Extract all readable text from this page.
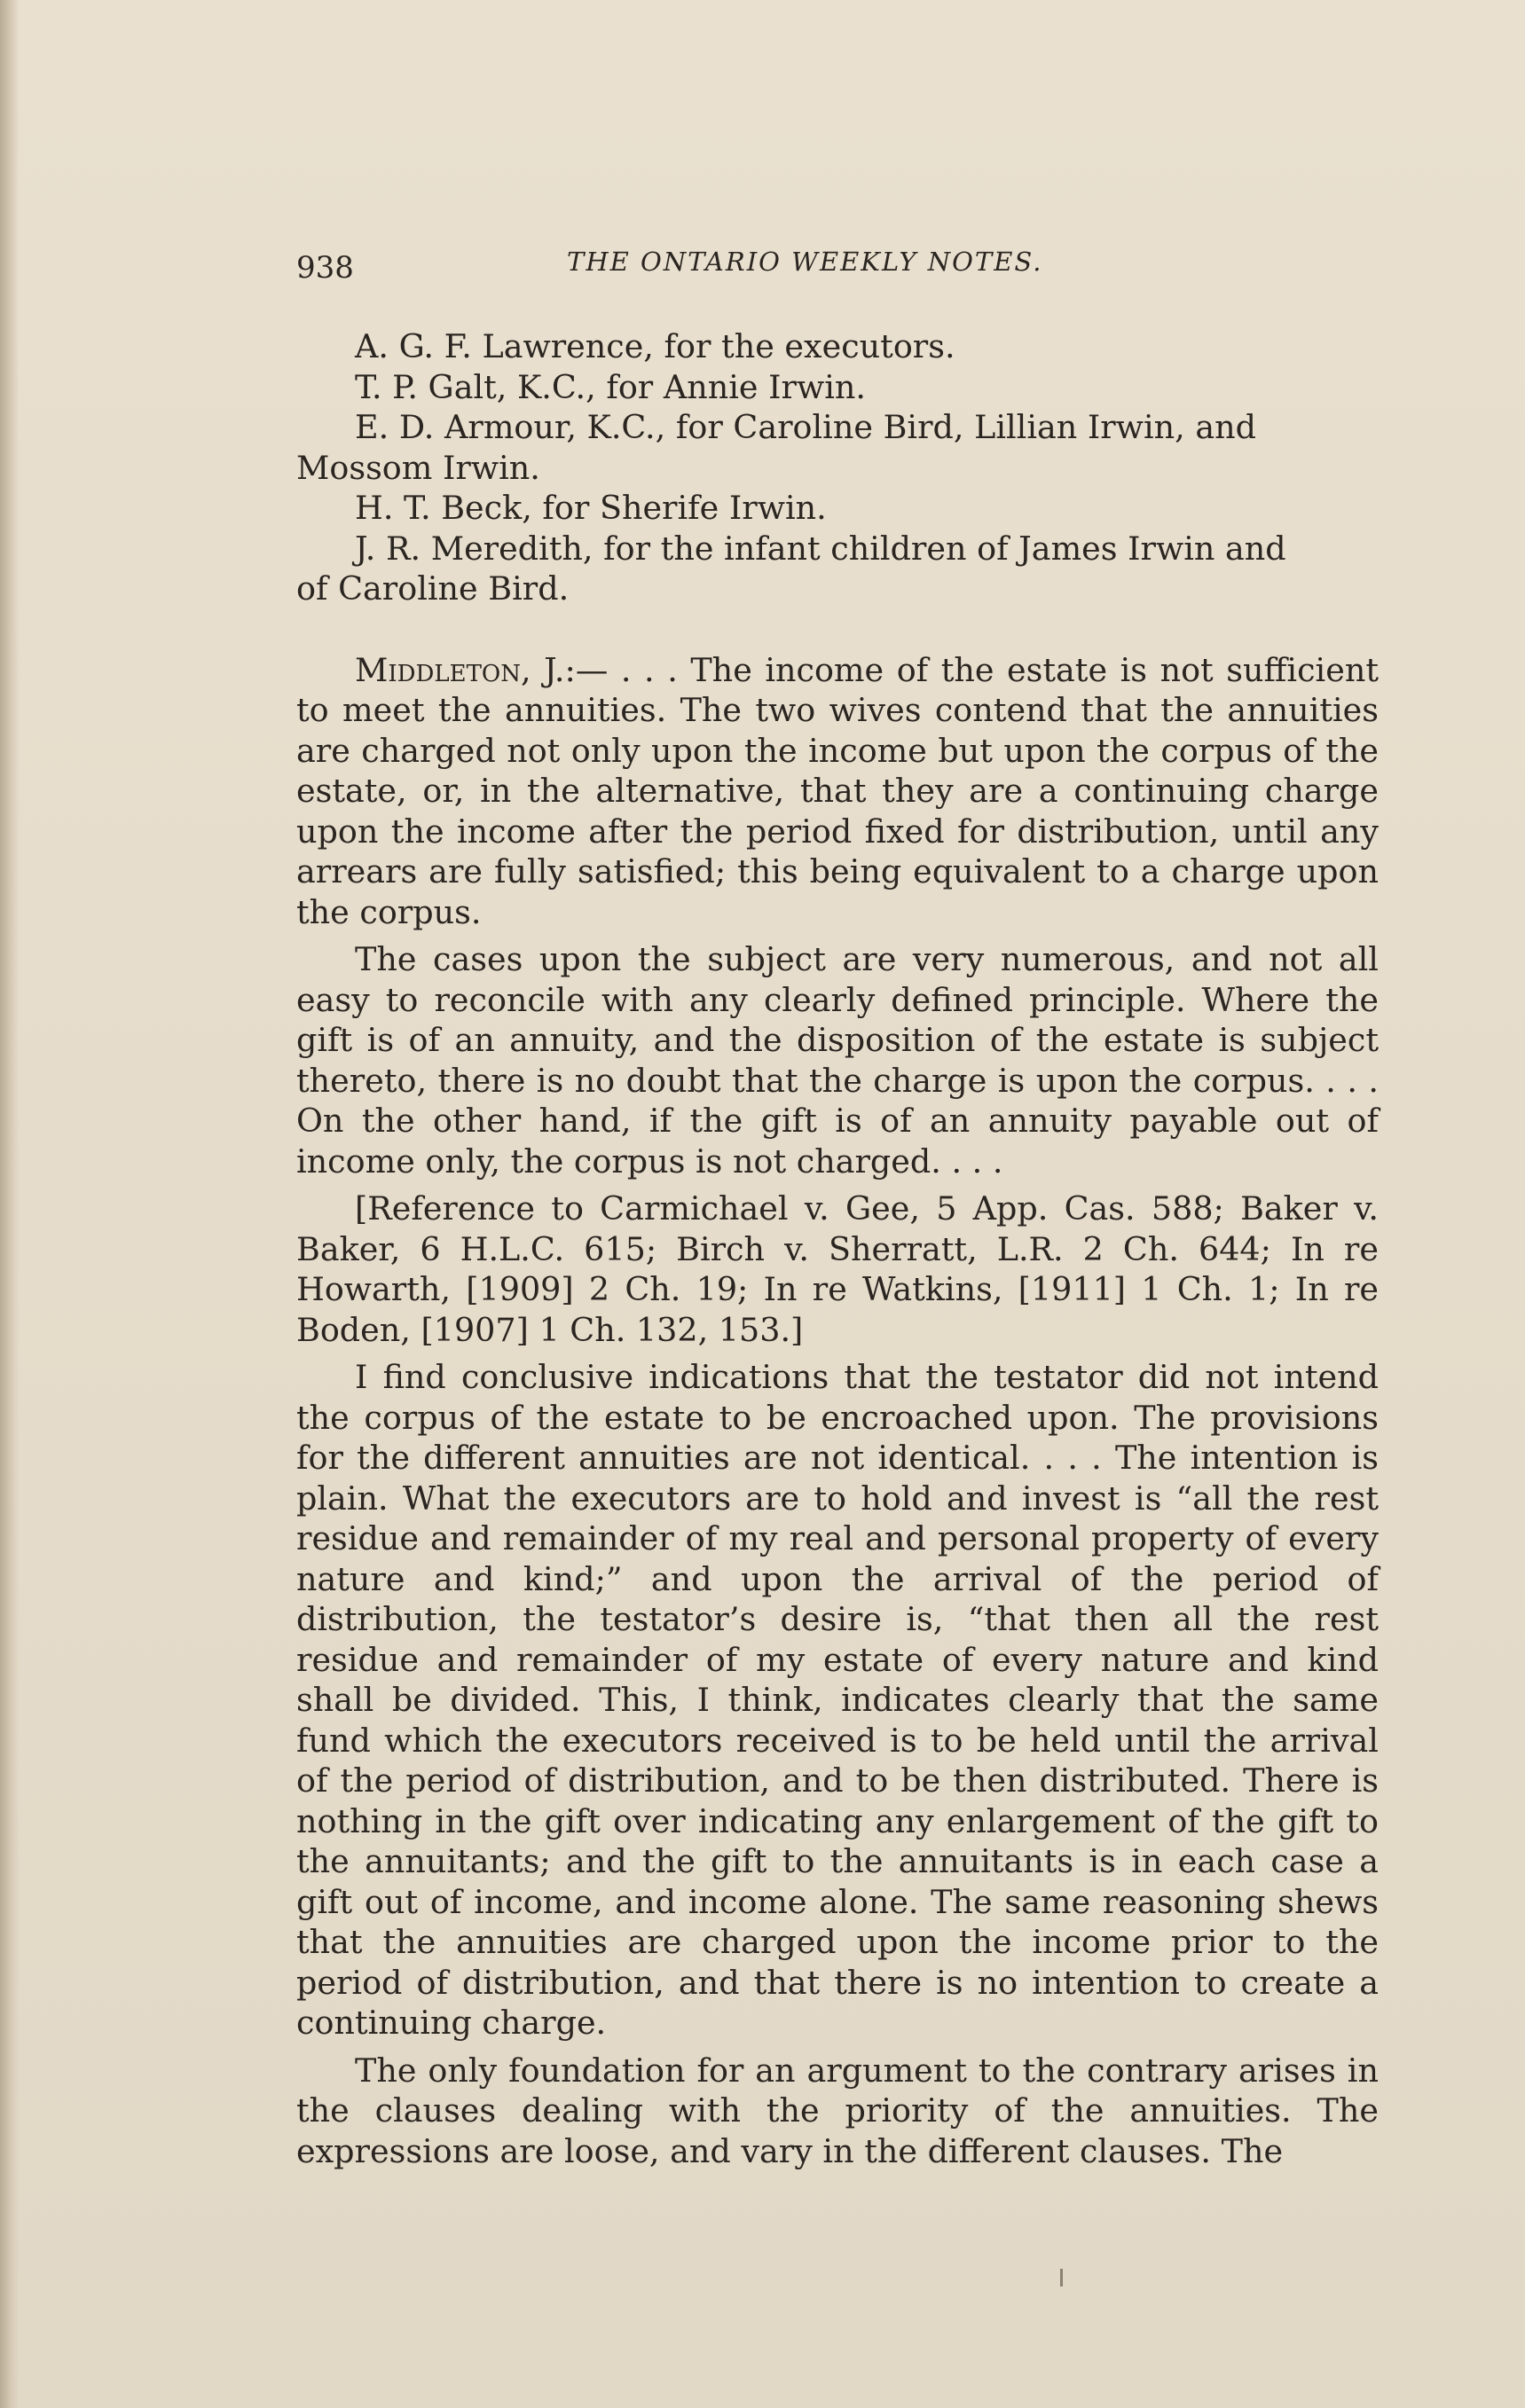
938	THE ONTARIO WEEKLY NOTES.

A. G. F. Lawrence, for the executors.
T. P. Galt, K.C., for Annie Irwin.
E. D. Armour, K.C., for Caroline Bird, Lillian Irwin, and
Mossom Irwin.
H. T. Beck, for Sherife Irwin.
J. R. Meredith, for the infant children of James Irwin and
of Caroline Bird.

Middleton, J.:— . . . The income of the estate is not sufficient to meet the annuities. The two wives contend that the annuities are charged not only upon the income but upon the corpus of the estate, or, in the alternative, that they are a continuing charge upon the income after the period fixed for distribution, until any arrears are fully satisfied; this being equivalent to a charge upon the corpus.

The cases upon the subject are very numerous, and not all easy to reconcile with any clearly defined principle. Where the gift is of an annuity, and the disposition of the estate is subject thereto, there is no doubt that the charge is upon the corpus. . . . On the other hand, if the gift is of an annuity payable out of income only, the corpus is not charged. . . .

[Reference to Carmichael v. Gee, 5 App. Cas. 588; Baker v. Baker, 6 H.L.C. 615; Birch v. Sherratt, L.R. 2 Ch. 644; In re Howarth, [1909] 2 Ch. 19; In re Watkins, [1911] 1 Ch. 1; In re Boden, [1907] 1 Ch. 132, 153.]

I find conclusive indications that the testator did not intend the corpus of the estate to be encroached upon. The provisions for the different annuities are not identical. . . . The intention is plain. What the executors are to hold and invest is “all the rest residue and remainder of my real and personal property of every nature and kind;” and upon the arrival of the period of distribution, the testator’s desire is, “that then all the rest residue and remainder of my estate of every nature and kind shall be divided. This, I think, indicates clearly that the same fund which the executors received is to be held until the arrival of the period of distribution, and to be then distributed. There is nothing in the gift over indicating any enlargement of the gift to the annuitants; and the gift to the annuitants is in each case a gift out of income, and income alone. The same reasoning shews that the annuities are charged upon the income prior to the period of distribution, and that there is no intention to create a continuing charge.

The only foundation for an argument to the contrary arises in the clauses dealing with the priority of the annuities. The expressions are loose, and vary in the different clauses. The
